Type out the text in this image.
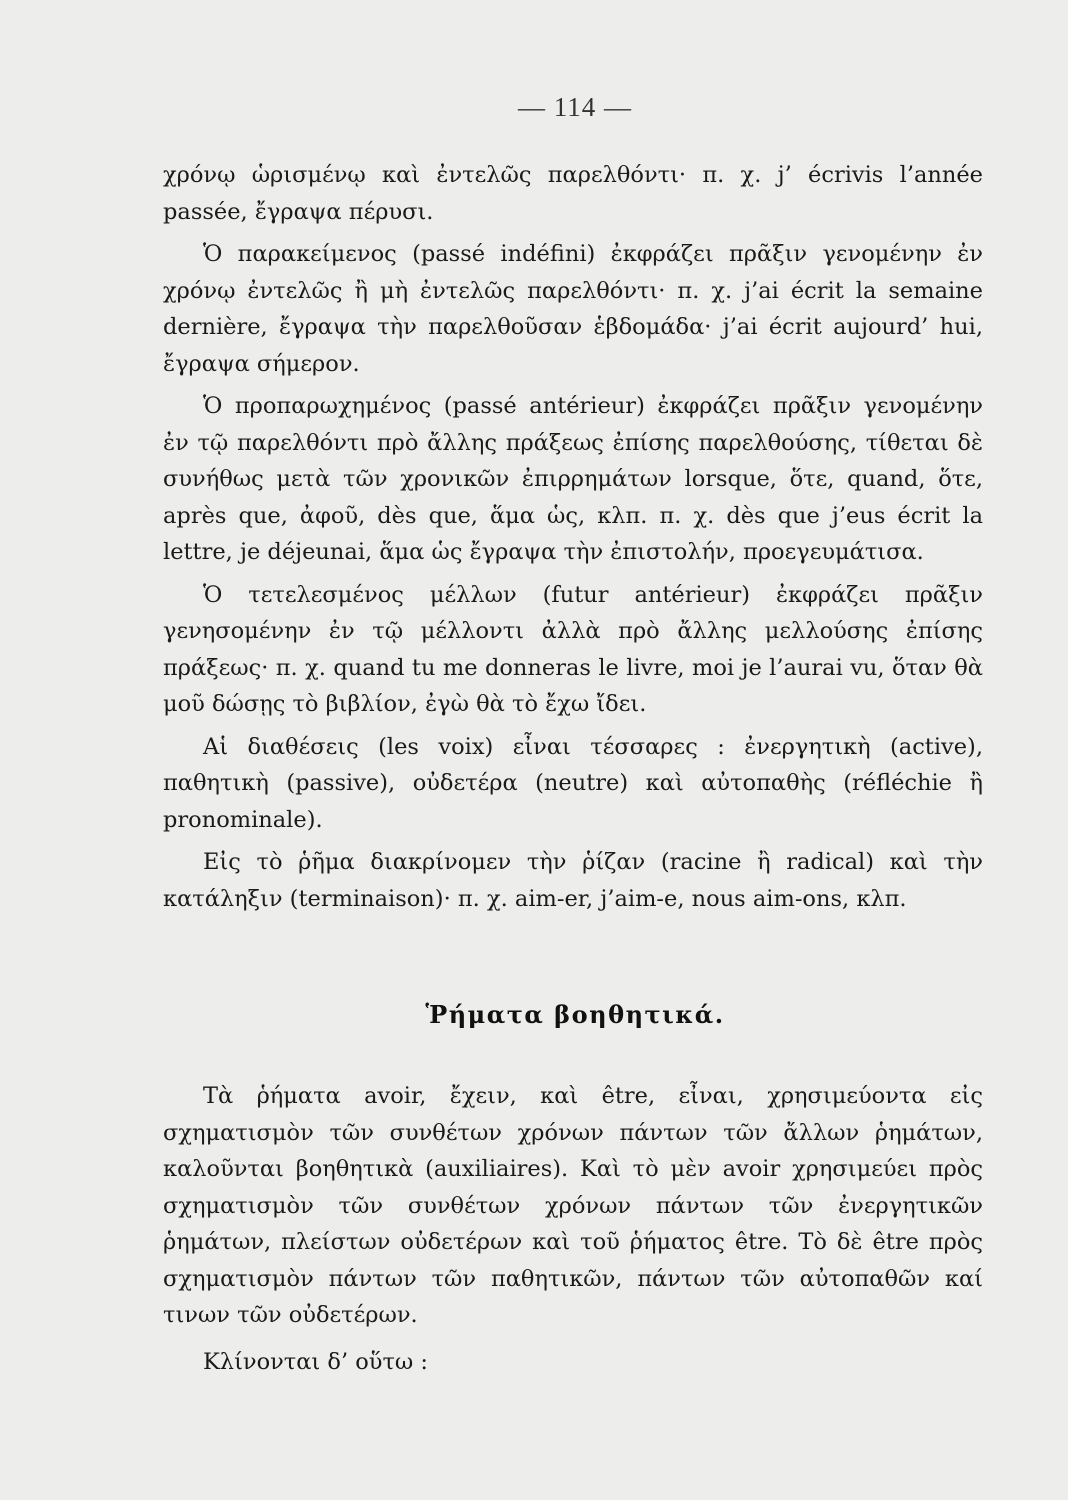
— 114 —

χρόνῳ ὡρισμένῳ καὶ ἐντελῶς παρελθόντι· π. χ. j’ écrivis l’année passée, ἔγραψα πέρυσι.

Ὁ παρακείμενος (passé indéfini) ἐκφράζει πρᾶξιν γενομένην ἐν χρόνῳ ἐντελῶς ἢ μὴ ἐντελῶς παρελθόντι· π. χ. j’ai écrit la semaine dernière, ἔγραψα τὴν παρελθοῦσαν ἑβδομάδα· j’ai écrit aujourd’ hui, ἔγραψα σήμερον.

Ὁ προπαρωχημένος (passé antérieur) ἐκφράζει πρᾶξιν γενομένην ἐν τῷ παρελθόντι πρὸ ἄλλης πράξεως ἐπίσης παρελθούσης, τίθεται δὲ συνήθως μετὰ τῶν χρονικῶν ἐπιρρημάτων lorsque, ὅτε, quand, ὅτε, après que, ἀφοῦ, dès que, ἅμα ὡς, κλπ. π. χ. dès que j’eus écrit la lettre, je déjeunai, ἅμα ὡς ἔγραψα τὴν ἐπιστολήν, προεγευμάτισα.

Ὁ τετελεσμένος μέλλων (futur antérieur) ἐκφράζει πρᾶξιν γενησομένην ἐν τῷ μέλλοντι ἀλλὰ πρὸ ἄλλης μελλούσης ἐπίσης πράξεως· π. χ. quand tu me donneras le livre, moi je l’aurai vu, ὅταν θὰ μοῦ δώσῃς τὸ βιβλίον, ἐγὼ θὰ τὸ ἔχω ἴδει.

Αἱ διαθέσεις (les voix) εἶναι τέσσαρες : ἐνεργητικὴ (active), παθητικὴ (passive), οὐδετέρα (neutre) καὶ αὐτοπαθὴς (réfléchie ἢ pronominale).

Εἰς τὸ ῥῆμα διακρίνομεν τὴν ῥίζαν (racine ἢ radical) καὶ τὴν κατάληξιν (terminaison)· π. χ. aim-er, j’aim-e, nous aim-ons, κλπ.

Ῥήματα βοηθητικά.

Τὰ ῥήματα avoir, ἔχειν, καὶ être, εἶναι, χρησιμεύοντα εἰς σχηματισμὸν τῶν συνθέτων χρόνων πάντων τῶν ἄλλων ῥημάτων, καλοῦνται βοηθητικὰ (auxiliaires). Καὶ τὸ μὲν avoir χρησιμεύει πρὸς σχηματισμὸν τῶν συνθέτων χρόνων πάντων τῶν ἐνεργητικῶν ῥημάτων, πλείστων οὐδετέρων καὶ τοῦ ῥήματος être. Τὸ δὲ être πρὸς σχηματισμὸν πάντων τῶν παθητικῶν, πάντων τῶν αὐτοπαθῶν καί τινων τῶν οὐδετέρων.

Κλίνονται δ’ οὕτω :
